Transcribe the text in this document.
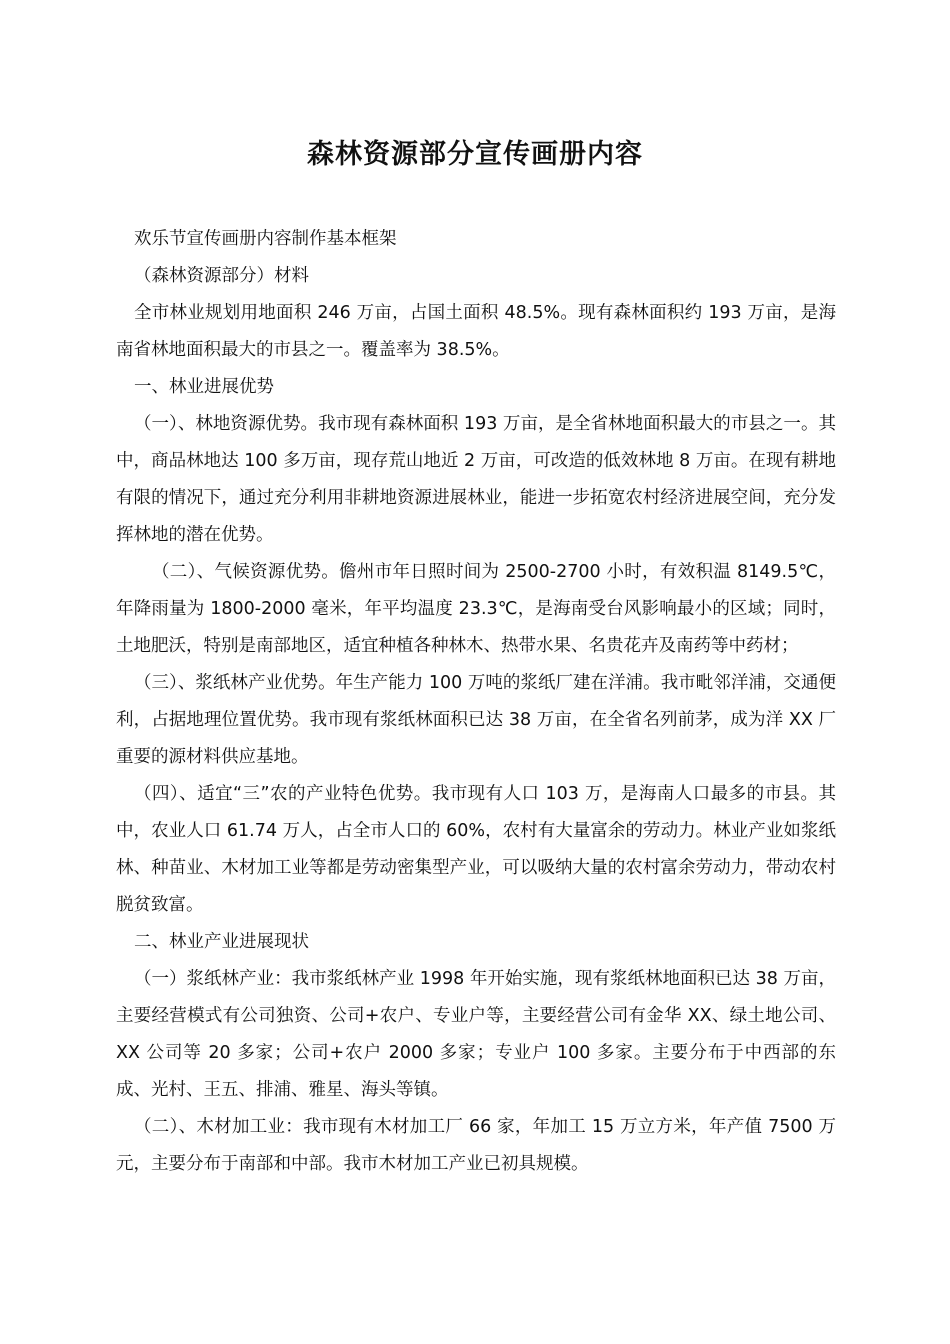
森林资源部分宣传画册内容

欢乐节宣传画册内容制作基本框架

（森林资源部分）材料

全市林业规划用地面积 246 万亩，占国土面积 48.5%。现有森林面积约 193 万亩，是海南省林地面积最大的市县之一。覆盖率为 38.5%。

一、林业进展优势

（一）、林地资源优势。我市现有森林面积 193 万亩，是全省林地面积最大的市县之一。其中，商品林地达 100 多万亩，现存荒山地近 2 万亩，可改造的低效林地 8 万亩。在现有耕地有限的情况下，通过充分利用非耕地资源进展林业，能进一步拓宽农村经济进展空间，充分发挥林地的潜在优势。

（二）、气候资源优势。儋州市年日照时间为 2500-2700 小时，有效积温 8149.5℃，年降雨量为 1800-2000 毫米，年平均温度 23.3℃，是海南受台风影响最小的区域；同时，土地肥沃，特别是南部地区，适宜种植各种林木、热带水果、名贵花卉及南药等中药材；

（三）、浆纸林产业优势。年生产能力 100 万吨的浆纸厂建在洋浦。我市毗邻洋浦，交通便利，占据地理位置优势。我市现有浆纸林面积已达 38 万亩，在全省名列前茅，成为洋 XX 厂重要的源材料供应基地。

（四）、适宜“三”农的产业特色优势。我市现有人口 103 万，是海南人口最多的市县。其中，农业人口 61.74 万人，占全市人口的 60%，农村有大量富余的劳动力。林业产业如浆纸林、种苗业、木材加工业等都是劳动密集型产业，可以吸纳大量的农村富余劳动力，带动农村脱贫致富。

二、林业产业进展现状

（一）浆纸林产业：我市浆纸林产业 1998 年开始实施，现有浆纸林地面积已达 38 万亩，主要经营模式有公司独资、公司+农户、专业户等，主要经营公司有金华 XX、绿土地公司、XX 公司等 20 多家；公司+农户 2000 多家；专业户 100 多家。主要分布于中西部的东成、光村、王五、排浦、雅星、海头等镇。

（二）、木材加工业：我市现有木材加工厂 66 家，年加工 15 万立方米，年产值 7500 万元，主要分布于南部和中部。我市木材加工产业已初具规模。
